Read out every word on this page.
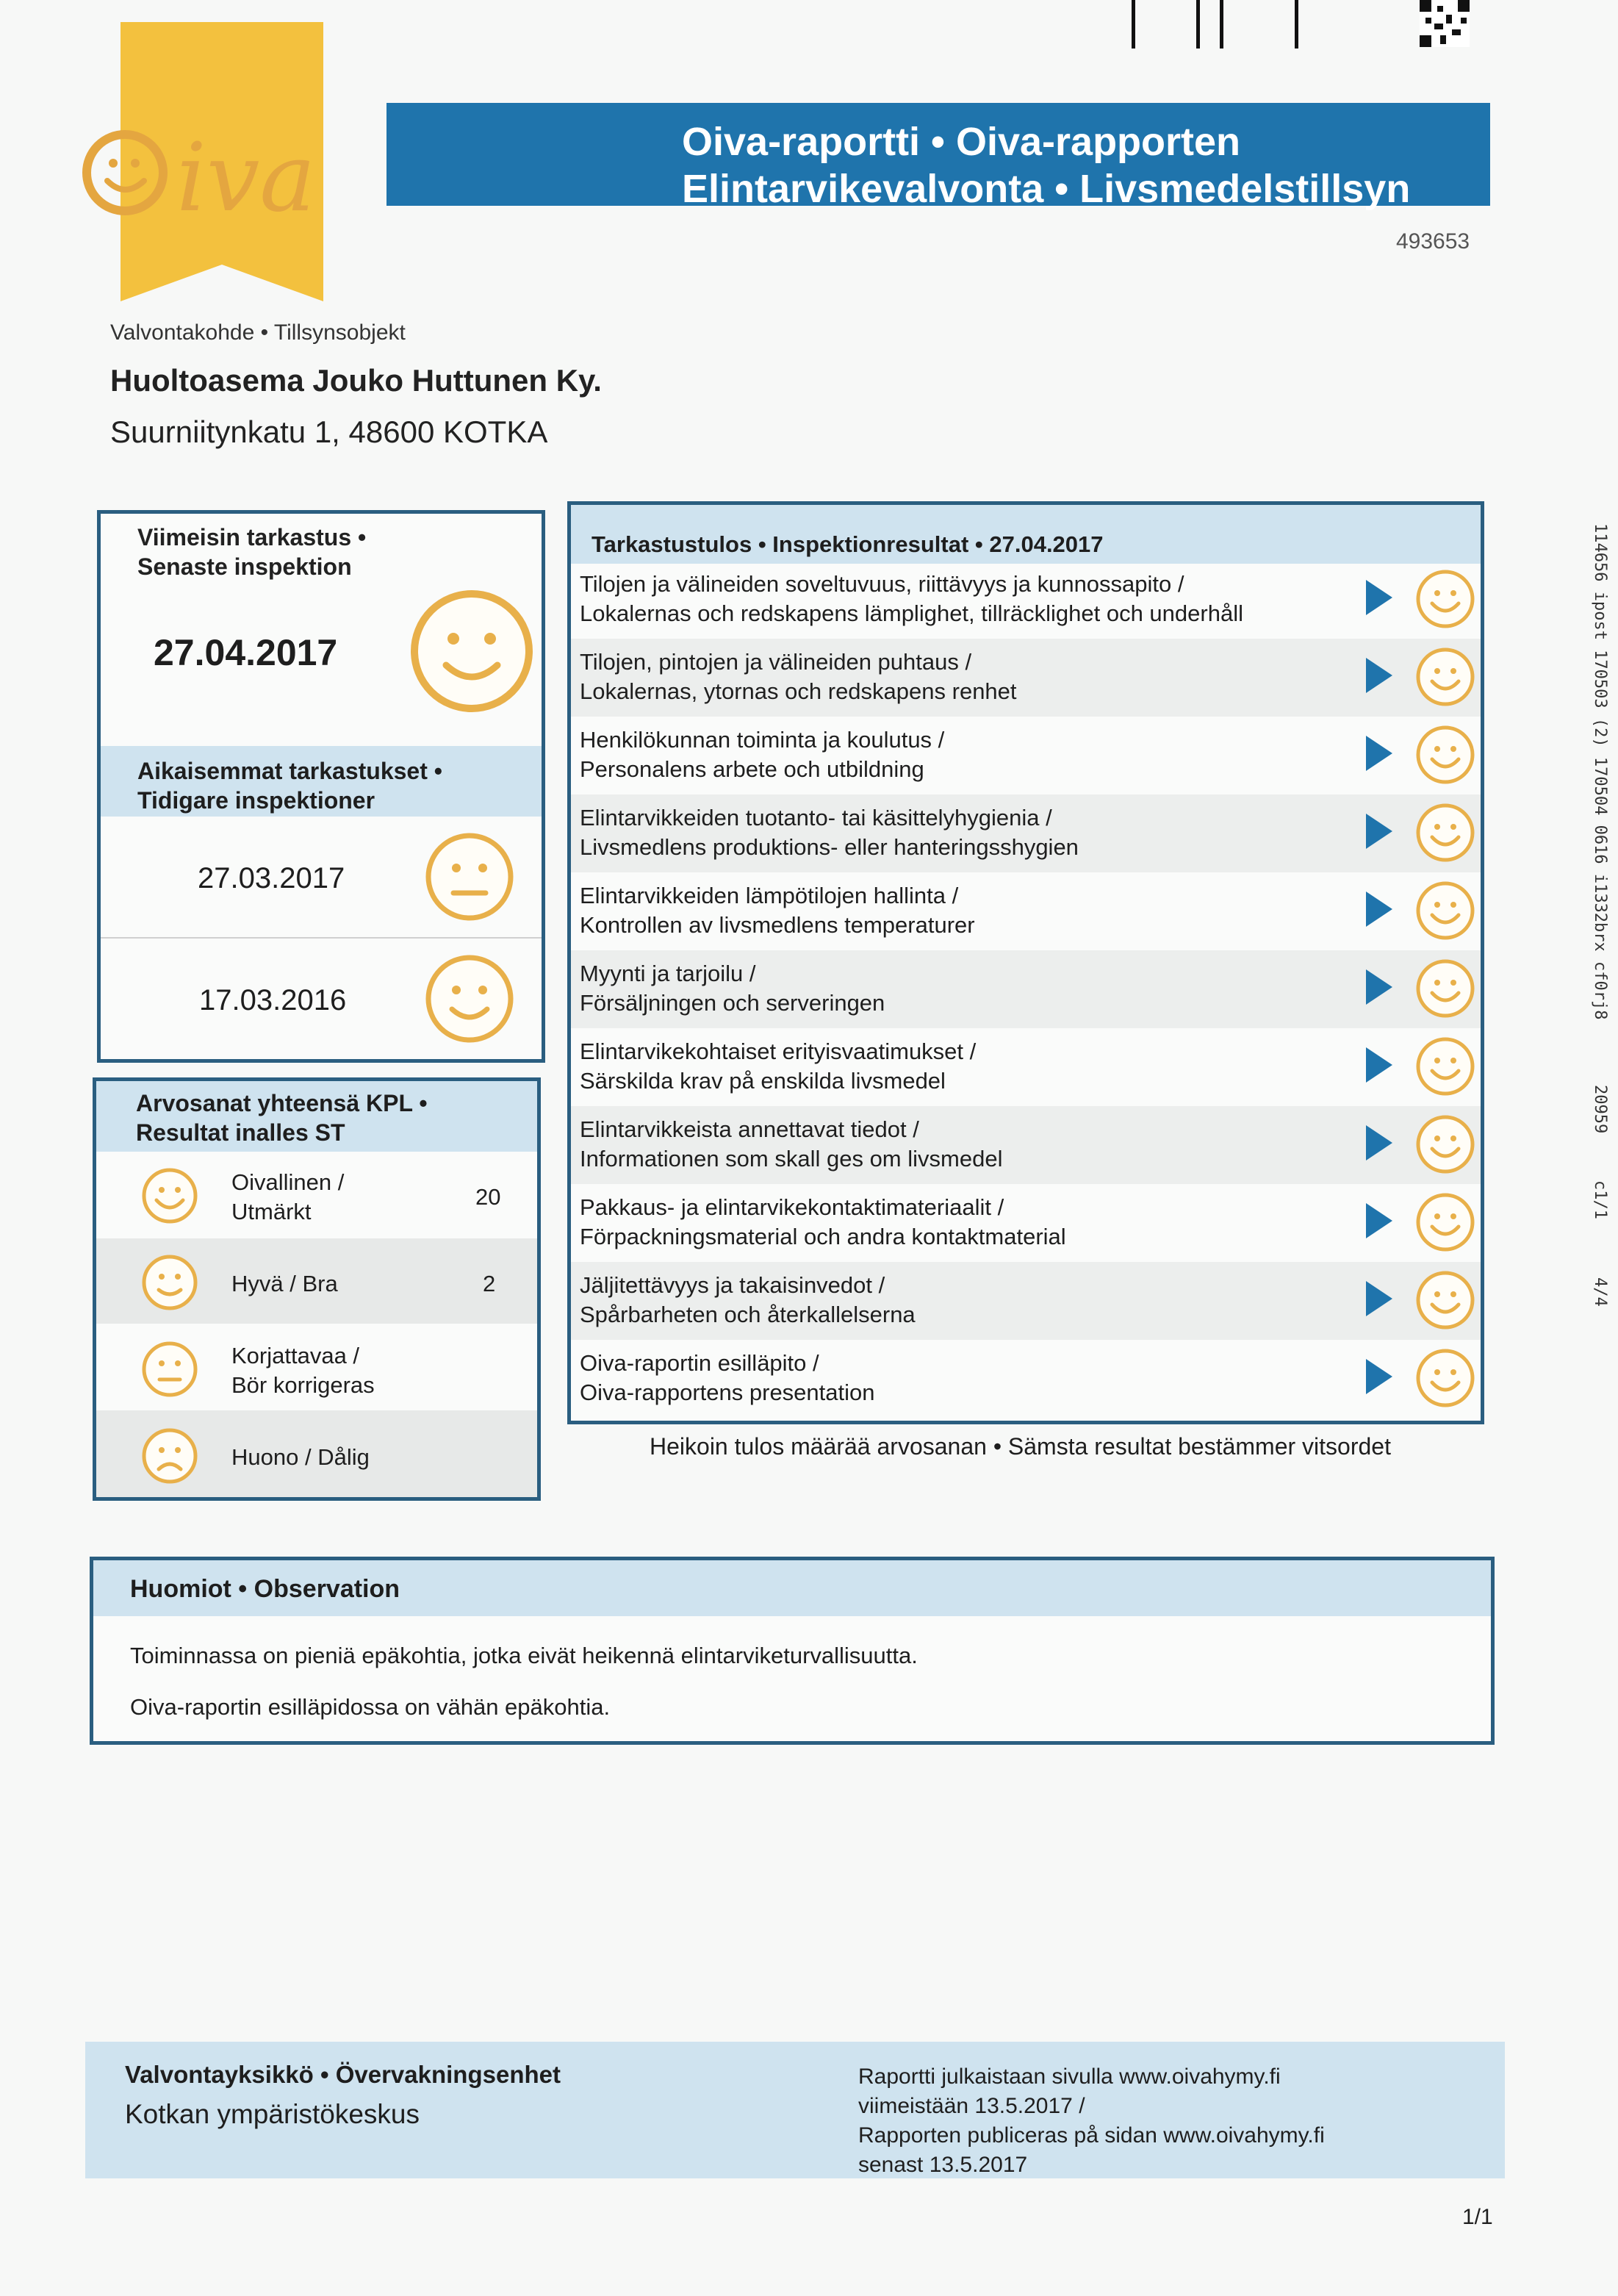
iva	Oiva-raportti • Oiva-rapporten
Elintarvikevalvonta • Livsmedelstillsyn
493653
Valvontakohde • Tillsynsobjekt
Huoltoasema Jouko Huttunen Ky.
Suurniitynkatu 1, 48600 KOTKA
Viimeisin tarkastus •
Senaste inspektion
27.04.2017
Aikaisemmat tarkastukset •
Tidigare inspektioner
27.03.2017
17.03.2016
Arvosanat yhteensä KPL •
Resultat inalles ST
Oivallinen /
Utmärkt
20
Hyvä / Bra	2
Korjattavaa /
Bör korrigeras
Huono / Dålig
Tarkastustulos • Inspektionresultat • 27.04.2017
Tilojen ja välineiden soveltuvuus, riittävyys ja kunnossapito /
Lokalernas och redskapens lämplighet, tillräcklighet och underhåll
Tilojen, pintojen ja välineiden puhtaus /
Lokalernas, ytornas och redskapens renhet
Henkilökunnan toiminta ja koulutus /
Personalens arbete och utbildning
Elintarvikkeiden tuotanto- tai käsittelyhygienia /
Livsmedlens produktions- eller hanteringsshygien
Elintarvikkeiden lämpötilojen hallinta /
Kontrollen av livsmedlens temperaturer
Myynti ja tarjoilu /
Försäljningen och serveringen
Elintarvikekohtaiset erityisvaatimukset /
Särskilda krav på enskilda livsmedel
Elintarvikkeista annettavat tiedot /
Informationen som skall ges om livsmedel
Pakkaus- ja elintarvikekontaktimateriaalit /
Förpackningsmaterial och andra kontaktmaterial
Jäljitettävyys ja takaisinvedot /
Spårbarheten och återkallelserna
Oiva-raportin esilläpito /
Oiva-rapportens presentation
Heikoin tulos määrää arvosanan • Sämsta resultat bestämmer vitsordet
Huomiot • Observation
Toiminnassa on pieniä epäkohtia, jotka eivät heikennä elintarviketurvallisuutta.
Oiva-raportin esilläpidossa on vähän epäkohtia.
Valvontayksikkö • Övervakningsenhet
Kotkan ympäristökeskus
Raportti julkaistaan sivulla www.oivahymy.fi
viimeistään 13.5.2017 /
Rapporten publiceras på sidan www.oivahymy.fi
senast 13.5.2017
1/1
114656 ipost 170503 (2) 170504 0616 i1332brx cf0rj8
20959
c1/1
4/4
